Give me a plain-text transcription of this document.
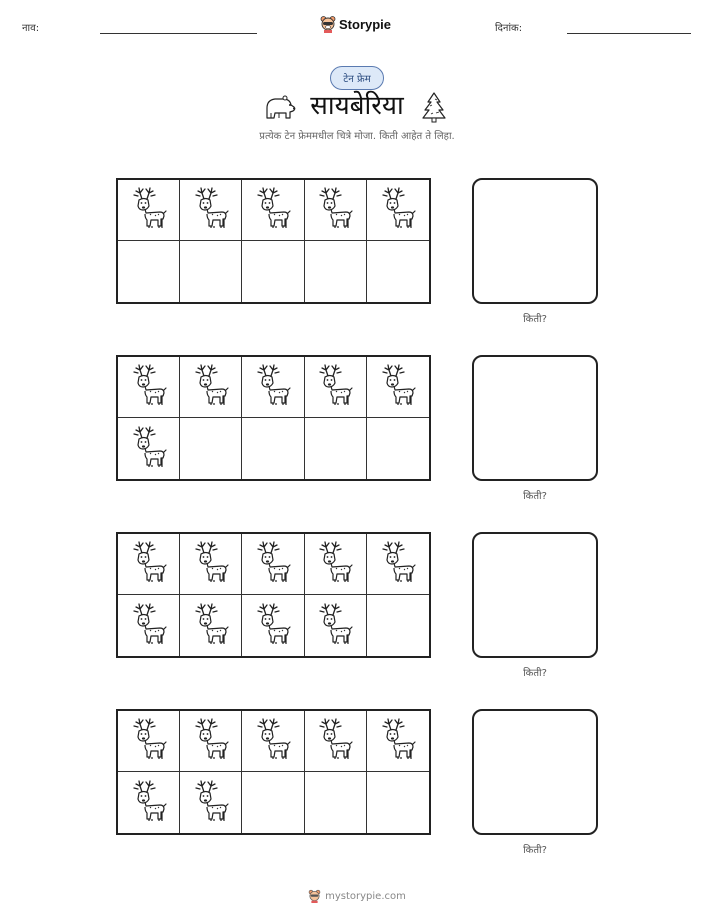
नाव:	Storypie	दिनांक:
टेन फ्रेम
सायबेरिया
प्रत्येक टेन फ्रेममधील चित्रे मोजा. किती आहेत ते लिहा.
किती?
किती?
किती?
किती?
mystorypie.com
